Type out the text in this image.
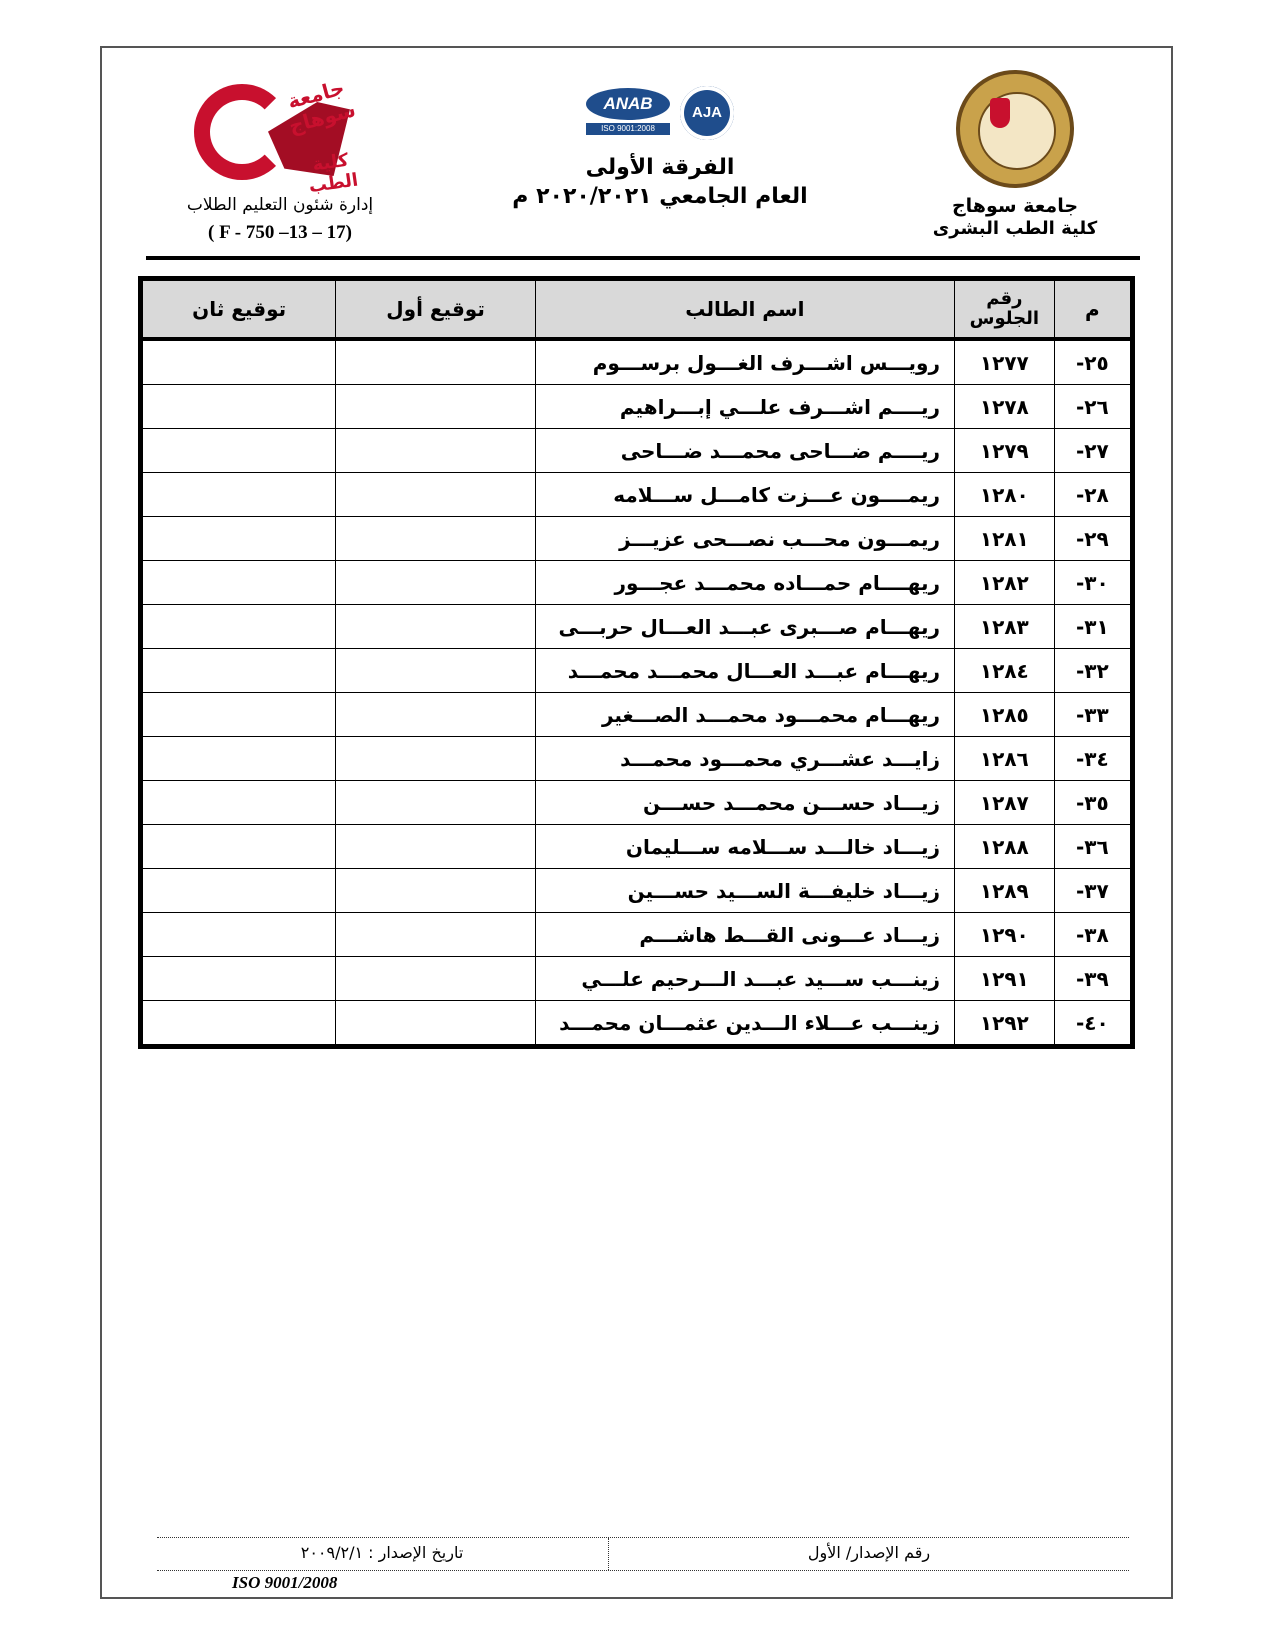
جامعة سوهاج
كلية الطب البشرى
ANAB
ISO 9001:2008
AJA
الفرقة الأولى
العام الجامعي ٢٠٢٠/٢٠٢١ م
جامعة سوهاج
كلية الطب
إدارة شئون التعليم الطلاب
( F - 750 –13 – 17)
م	رقم الجلوس	اسم الطالب	توقيع أول	توقيع ثان
٢٥-	١٢٧٧	رويـــس اشـــرف الغـــول برســـوم		
٢٦-	١٢٧٨	ريــــم اشـــرف علـــي إبـــراهيم		
٢٧-	١٢٧٩	ريــــم ضـــاحى محمـــد ضـــاحى		
٢٨-	١٢٨٠	ريمــــون عـــزت كامـــل ســـلامه		
٢٩-	١٢٨١	ريمـــون محـــب نصـــحى عزيـــز		
٣٠-	١٢٨٢	ريهــــام حمـــاده محمـــد عجـــور		
٣١-	١٢٨٣	ريهـــام صـــبرى عبـــد العـــال حربـــى		
٣٢-	١٢٨٤	ريهـــام عبـــد العـــال محمـــد محمـــد		
٣٣-	١٢٨٥	ريهـــام محمـــود محمـــد الصـــغير		
٣٤-	١٢٨٦	زايـــد عشـــري محمـــود محمـــد		
٣٥-	١٢٨٧	زيـــاد حســـن محمـــد حســـن		
٣٦-	١٢٨٨	زيـــاد خالـــد ســـلامه ســـليمان		
٣٧-	١٢٨٩	زيـــاد خليفـــة الســـيد حســـين		
٣٨-	١٢٩٠	زيـــاد عـــونى القـــط هاشـــم		
٣٩-	١٢٩١	زينـــب ســـيد عبـــد الـــرحيم علـــي		
٤٠-	١٢٩٢	زينـــب عـــلاء الـــدين عثمـــان محمـــد		
رقم الإصدار/ الأول
تاريخ الإصدار : ٢٠٠٩/٢/١
ISO 9001/2008
